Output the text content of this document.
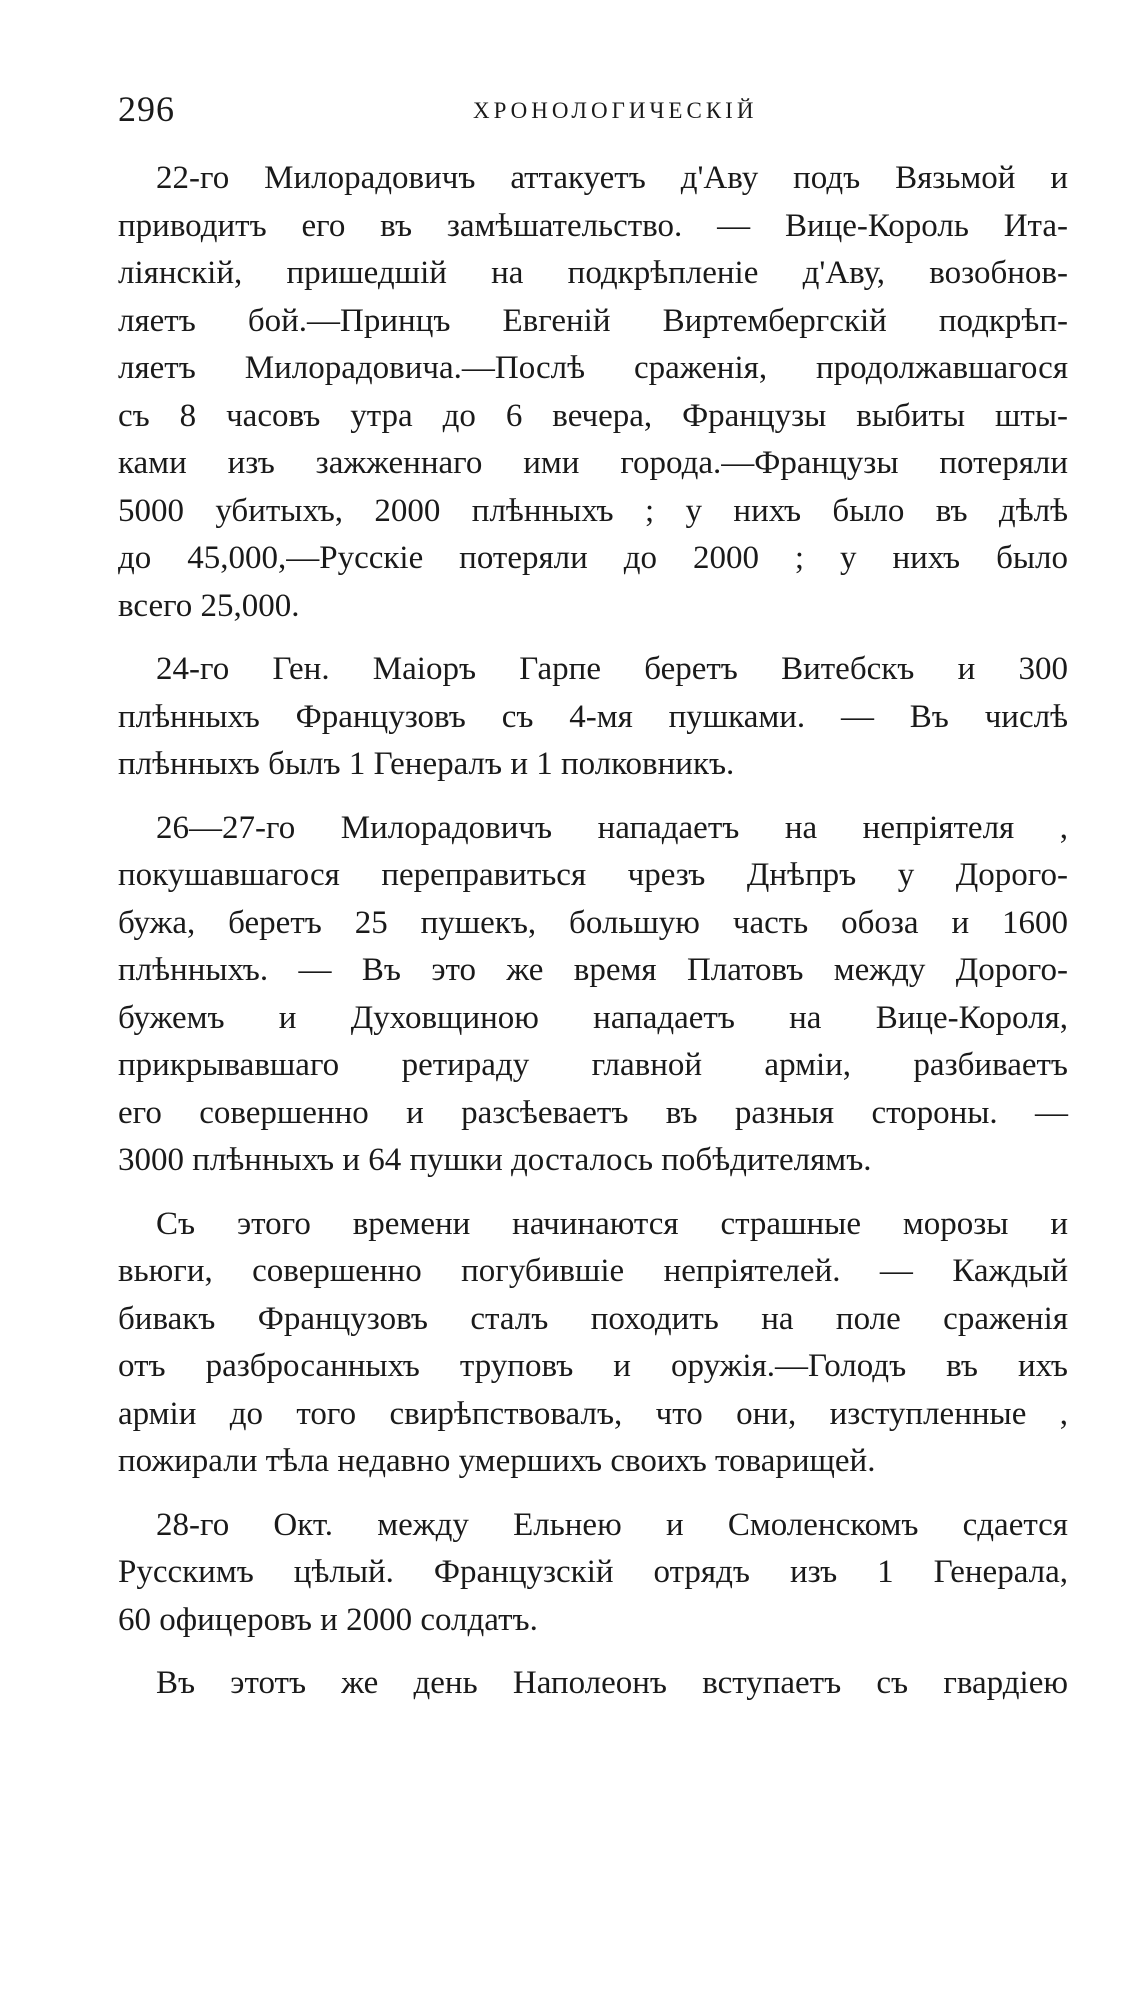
296	ХРОНОЛОГИЧЕСКІЙ

22-го Милорадовичъ аттакуетъ д'Аву подъ Вязьмой и
приводитъ его въ замѣшательство. — Вице-Король Ита-
ліянскій, пришедшій на подкрѣпленіе д'Аву, возобнов-
ляетъ бой.—Принцъ Евгеній Виртембергскій подкрѣп-
ляетъ Милорадовича.—Послѣ сраженія, продолжавшагося
съ 8 часовъ утра до 6 вечера, Французы выбиты шты-
ками изъ зажженнаго ими города.—Французы потеряли
5000 убитыхъ, 2000 плѣнныхъ ; у нихъ было въ дѣлѣ
до 45,000,—Русскіе потеряли до 2000 ; у нихъ было
всего 25,000.

24-го Ген. Маіоръ Гарпе беретъ Витебскъ и 300
плѣнныхъ Французовъ съ 4-мя пушками. — Въ числѣ
плѣнныхъ былъ 1 Генералъ и 1 полковникъ.

26—27-го Милорадовичъ нападаетъ на непріятеля ,
покушавшагося переправиться чрезъ Днѣпръ у Дорого-
бужа, беретъ 25 пушекъ, большую часть обоза и 1600
плѣнныхъ. — Въ это же время Платовъ между Дорого-
бужемъ и Духовщиною нападаетъ на Вице-Короля,
прикрывавшаго ретираду главной арміи, разбиваетъ
его совершенно и разсѣеваетъ въ разныя стороны. —
3000 плѣнныхъ и 64 пушки досталось побѣдителямъ.

Съ этого времени начинаются страшные морозы и
вьюги, совершенно погубившіе непріятелей. — Каждый
бивакъ Французовъ сталъ походить на поле сраженія
отъ разбросанныхъ труповъ и оружія.—Голодъ въ ихъ
арміи до того свирѣпствовалъ, что они, изступленные ,
пожирали тѣла недавно умершихъ своихъ товарищей.

28-го Окт. между Ельнею и Смоленскомъ сдается
Русскимъ цѣлый. Французскій отрядъ изъ 1 Генерала,
60 офицеровъ и 2000 солдатъ.

Въ этотъ же день Наполеонъ вступаетъ съ гвардіею
